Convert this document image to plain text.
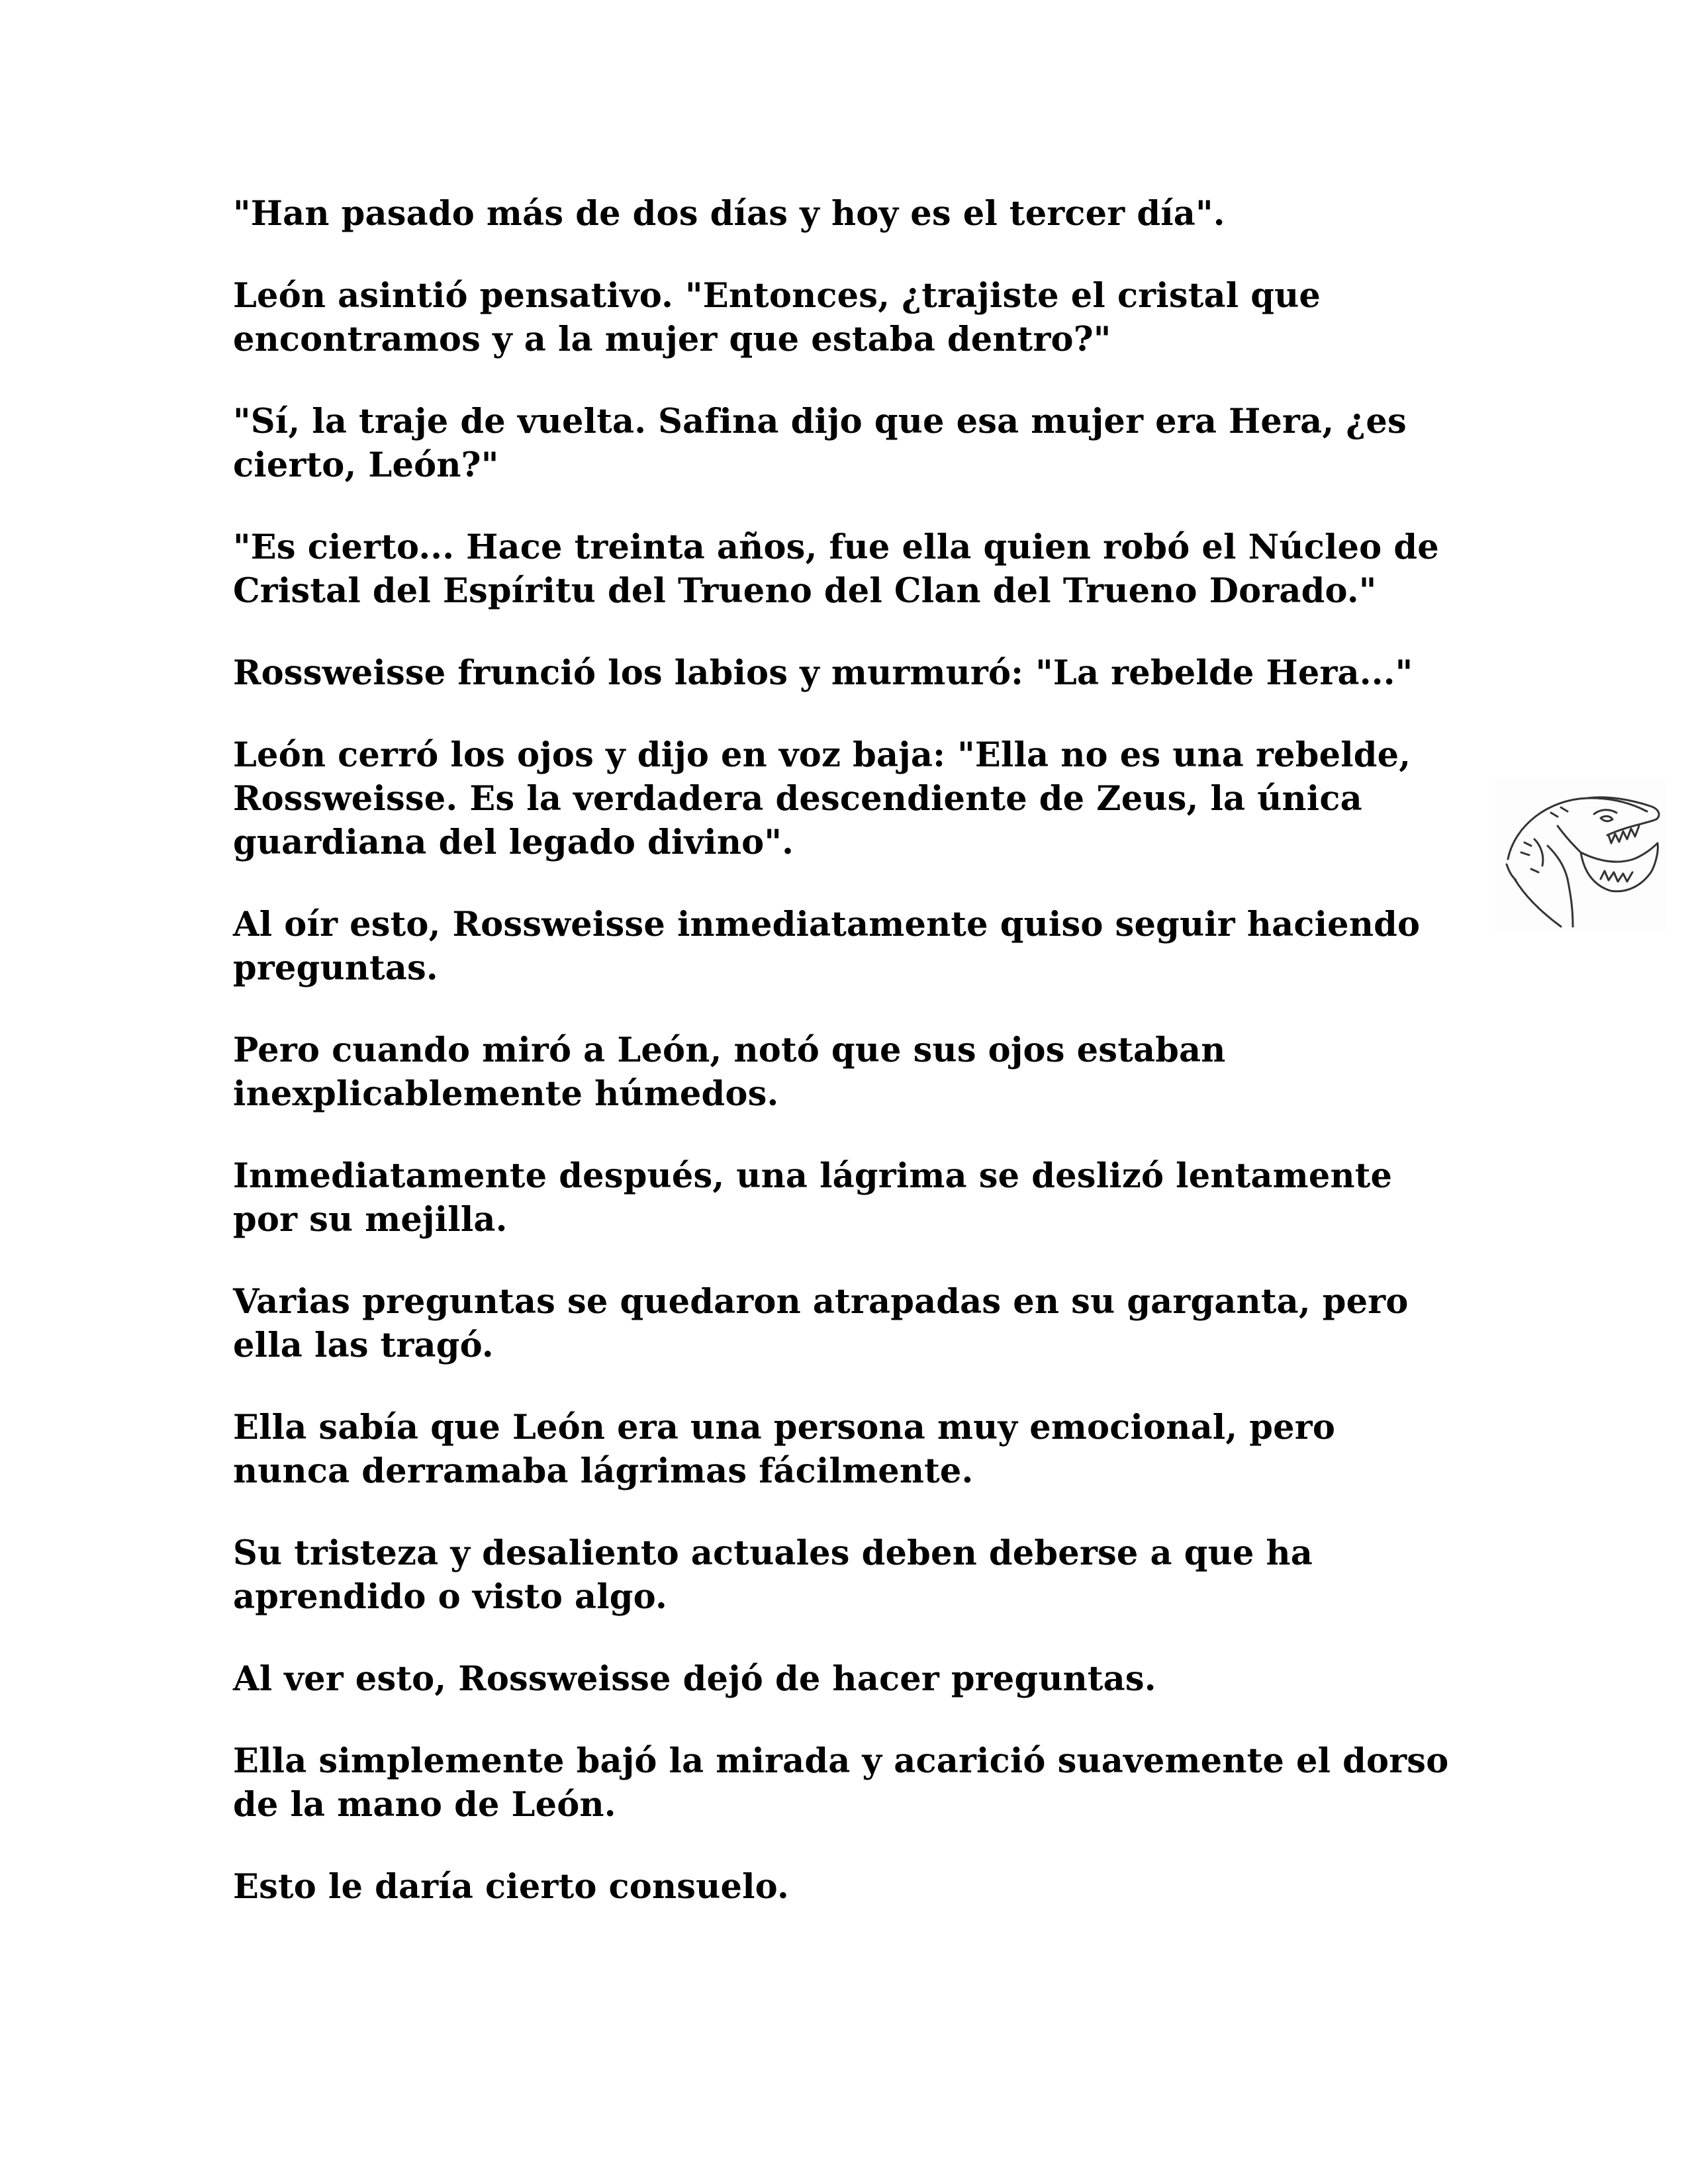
"Han pasado más de dos días y hoy es el tercer día".

León asintió pensativo. "Entonces, ¿trajiste el cristal que encontramos y a la mujer que estaba dentro?"

"Sí, la traje de vuelta. Safina dijo que esa mujer era Hera, ¿es cierto, León?"

"Es cierto... Hace treinta años, fue ella quien robó el Núcleo de Cristal del Espíritu del Trueno del Clan del Trueno Dorado."

Rossweisse frunció los labios y murmuró: "La rebelde Hera..."

León cerró los ojos y dijo en voz baja: "Ella no es una rebelde, Rossweisse. Es la verdadera descendiente de Zeus, la única guardiana del legado divino".

Al oír esto, Rossweisse inmediatamente quiso seguir haciendo preguntas.

Pero cuando miró a León, notó que sus ojos estaban inexplicablemente húmedos.

Inmediatamente después, una lágrima se deslizó lentamente por su mejilla.

Varias preguntas se quedaron atrapadas en su garganta, pero ella las tragó.

Ella sabía que León era una persona muy emocional, pero nunca derramaba lágrimas fácilmente.

Su tristeza y desaliento actuales deben deberse a que ha aprendido o visto algo.

Al ver esto, Rossweisse dejó de hacer preguntas.

Ella simplemente bajó la mirada y acarició suavemente el dorso de la mano de León.

Esto le daría cierto consuelo.
